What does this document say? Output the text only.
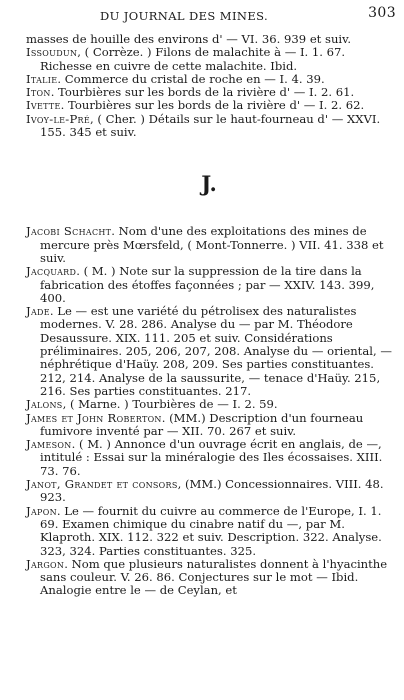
DU JOURNAL DES MINES.	303

masses de houille des environs d' — VI. 36. 939 et suiv.

Issoudun, ( Corrèze. ) Filons de malachite à — I. 1. 67. Richesse en cuivre de cette malachite. Ibid.

Italie. Commerce du cristal de roche en — I. 4. 39.

Iton. Tourbières sur les bords de la rivière d' — I. 2. 61.

Ivette. Tourbières sur les bords de la rivière d' — I. 2. 62.

Ivoy-le-Pré, ( Cher. ) Détails sur le haut-fourneau d' — XXVI. 155. 345 et suiv.

J.

Jacobi Schacht. Nom d'une des exploitations des mines de mercure près Mœrsfeld, ( Mont-Tonnerre. ) VII. 41. 338 et suiv.

Jacquard. ( M. ) Note sur la suppression de la tire dans la fabrication des étoffes façonnées ; par — XXIV. 143. 399, 400.

Jade. Le — est une variété du pétrolisex des naturalistes modernes. V. 28. 286. Analyse du — par M. Théodore Desaussure. XIX. 111. 205 et suiv. Considérations préliminaires. 205, 206, 207, 208. Analyse du — oriental, — néphrétique d'Haüy. 208, 209. Ses parties constituantes. 212, 214. Analyse de la saussurite, — tenace d'Haüy. 215, 216. Ses parties constituantes. 217.

Jalons, ( Marne. ) Tourbières de — I. 2. 59.

James et John Roberton. (MM.) Description d'un fourneau fumivore inventé par — XII. 70. 267 et suiv.

Jameson. ( M. ) Annonce d'un ouvrage écrit en anglais, de —, intitulé : Essai sur la minéralogie des Iles écossaises. XIII. 73. 76.

Janot, Grandet et consors, (MM.) Concessionnaires. VIII. 48. 923.

Japon. Le — fournit du cuivre au commerce de l'Europe, I. 1. 69. Examen chimique du cinabre natif du —, par M. Klaproth. XIX. 112. 322 et suiv. Description. 322. Analyse. 323, 324. Parties constituantes. 325.

Jargon. Nom que plusieurs naturalistes donnent à l'hyacinthe sans couleur. V. 26. 86. Conjectures sur le mot — Ibid. Analogie entre le — de Ceylan, et
